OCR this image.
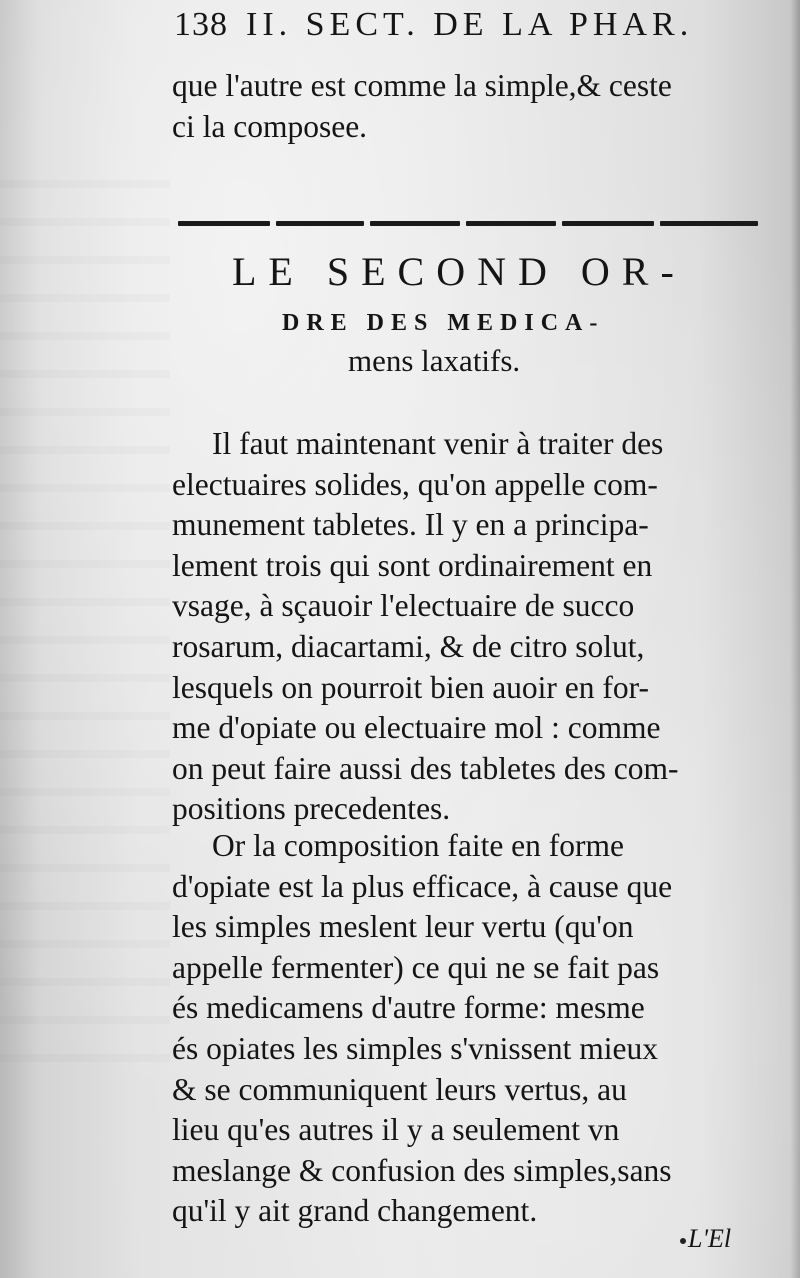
138 II. SECT. DE LA PHAR.
que l'autre est comme la simple,& ceste
ci la composee.
LE SECOND OR-
DRE DES MEDICA-
mens laxatifs.
Il faut maintenant venir à traiter des
electuaires solides, qu'on appelle com-
munement tabletes. Il y en a principa-
lement trois qui sont ordinairement en
vsage, à sçauoir l'electuaire de succo
rosarum, diacartami, & de citro solut,
lesquels on pourroit bien auoir en for-
me d'opiate ou electuaire mol : comme
on peut faire aussi des tabletes des com-
positions precedentes.
Or la composition faite en forme
d'opiate est la plus efficace, à cause que
les simples meslent leur vertu (qu'on
appelle fermenter) ce qui ne se fait pas
és medicamens d'autre forme: mesme
és opiates les simples s'vnissent mieux
& se communiquent leurs vertus, au
lieu qu'es autres il y a seulement vn
meslange & confusion des simples,sans
qu'il y ait grand changement.
L'El
